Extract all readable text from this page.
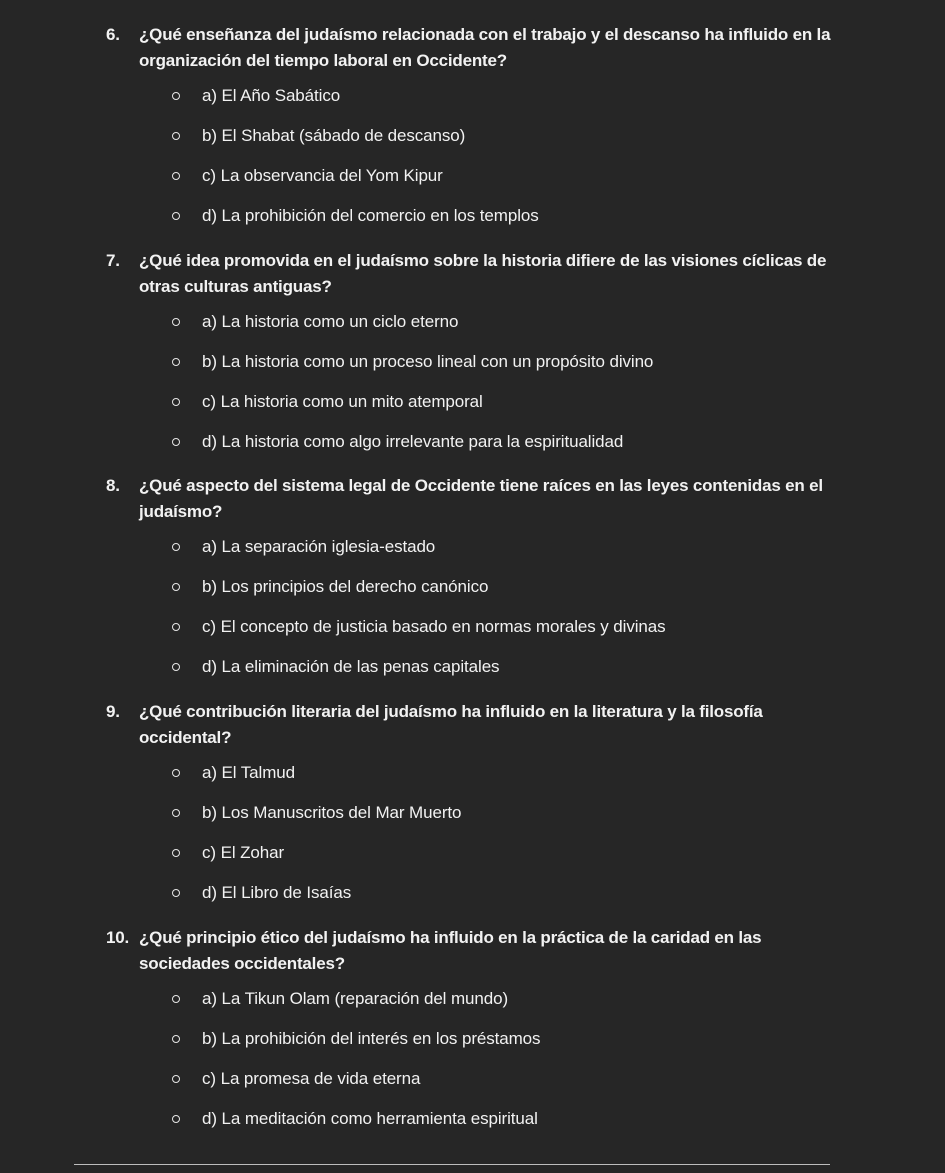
6. ¿Qué enseñanza del judaísmo relacionada con el trabajo y el descanso ha influido en la organización del tiempo laboral en Occidente?
a) El Año Sabático
b) El Shabat (sábado de descanso)
c) La observancia del Yom Kipur
d) La prohibición del comercio en los templos
7. ¿Qué idea promovida en el judaísmo sobre la historia difiere de las visiones cíclicas de otras culturas antiguas?
a) La historia como un ciclo eterno
b) La historia como un proceso lineal con un propósito divino
c) La historia como un mito atemporal
d) La historia como algo irrelevante para la espiritualidad
8. ¿Qué aspecto del sistema legal de Occidente tiene raíces en las leyes contenidas en el judaísmo?
a) La separación iglesia-estado
b) Los principios del derecho canónico
c) El concepto de justicia basado en normas morales y divinas
d) La eliminación de las penas capitales
9. ¿Qué contribución literaria del judaísmo ha influido en la literatura y la filosofía occidental?
a) El Talmud
b) Los Manuscritos del Mar Muerto
c) El Zohar
d) El Libro de Isaías
10. ¿Qué principio ético del judaísmo ha influido en la práctica de la caridad en las sociedades occidentales?
a) La Tikun Olam (reparación del mundo)
b) La prohibición del interés en los préstamos
c) La promesa de vida eterna
d) La meditación como herramienta espiritual
